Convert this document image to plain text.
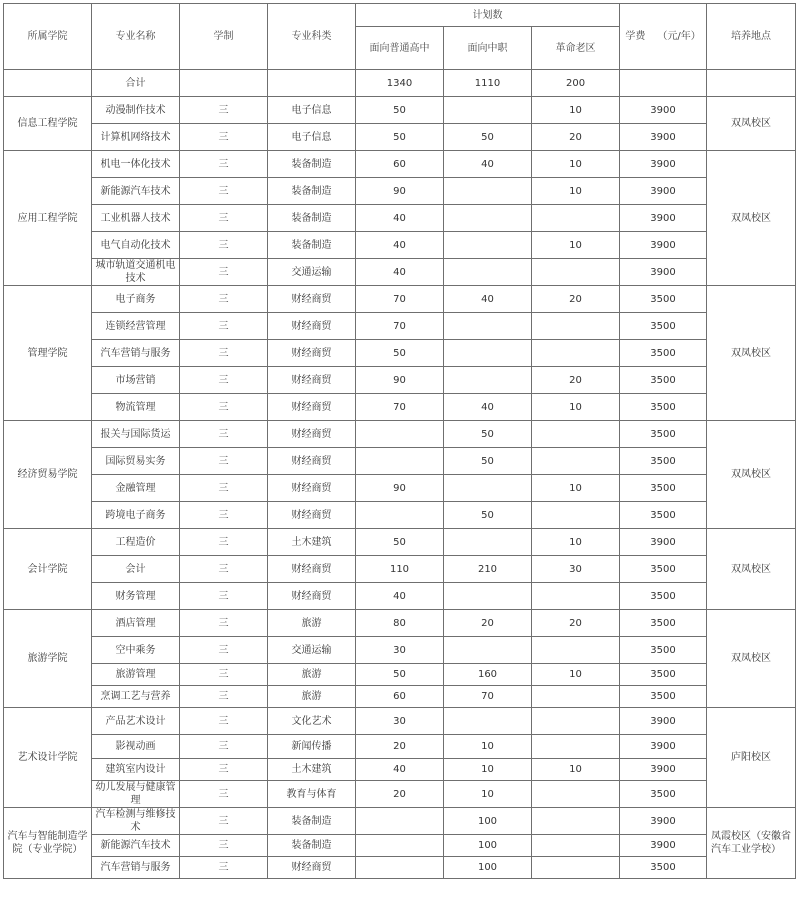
所属学院	专业名称	学制	专业科类	计划数			学费 （元/年）	培养地点
				面向普通高中	面向中职	革命老区		
	合计			1340	1110	200		
信息工程学院	动漫制作技术	三	电子信息	50		10	3900	双凤校区
	计算机网络技术	三	电子信息	50	50	20	3900	
应用工程学院	机电一体化技术	三	装备制造	60	40	10	3900	双凤校区
	新能源汽车技术	三	装备制造	90		10	3900	
	工业机器人技术	三	装备制造	40			3900	
	电气自动化技术	三	装备制造	40		10	3900	
	城市轨道交通机电技术	三	交通运输	40			3900	
管理学院	电子商务	三	财经商贸	70	40	20	3500	双凤校区
	连锁经营管理	三	财经商贸	70			3500	
	汽车营销与服务	三	财经商贸	50			3500	
	市场营销	三	财经商贸	90		20	3500	
	物流管理	三	财经商贸	70	40	10	3500	
经济贸易学院	报关与国际货运	三	财经商贸		50		3500	双凤校区
	国际贸易实务	三	财经商贸		50		3500	
	金融管理	三	财经商贸	90		10	3500	
	跨境电子商务	三	财经商贸		50		3500	
会计学院	工程造价	三	土木建筑	50		10	3900	双凤校区
	会计	三	财经商贸	110	210	30	3500	
	财务管理	三	财经商贸	40			3500	
旅游学院	酒店管理	三	旅游	80	20	20	3500	双凤校区
	空中乘务	三	交通运输	30			3500	
	旅游管理	三	旅游	50	160	10	3500	
	烹调工艺与营养	三	旅游	60	70		3500	
艺术设计学院	产品艺术设计	三	文化艺术	30			3900	庐阳校区
	影视动画	三	新闻传播	20	10		3900	
	建筑室内设计	三	土木建筑	40	10	10	3900	
	幼儿发展与健康管理	三	教育与体育	20	10		3500	
汽车与智能制造学院（专业学院）	汽车检测与维修技术	三	装备制造		100		3900	凤霞校区（安徽省汽车工业学校）
	新能源汽车技术	三	装备制造		100		3900	
	汽车营销与服务	三	财经商贸		100		3500	
